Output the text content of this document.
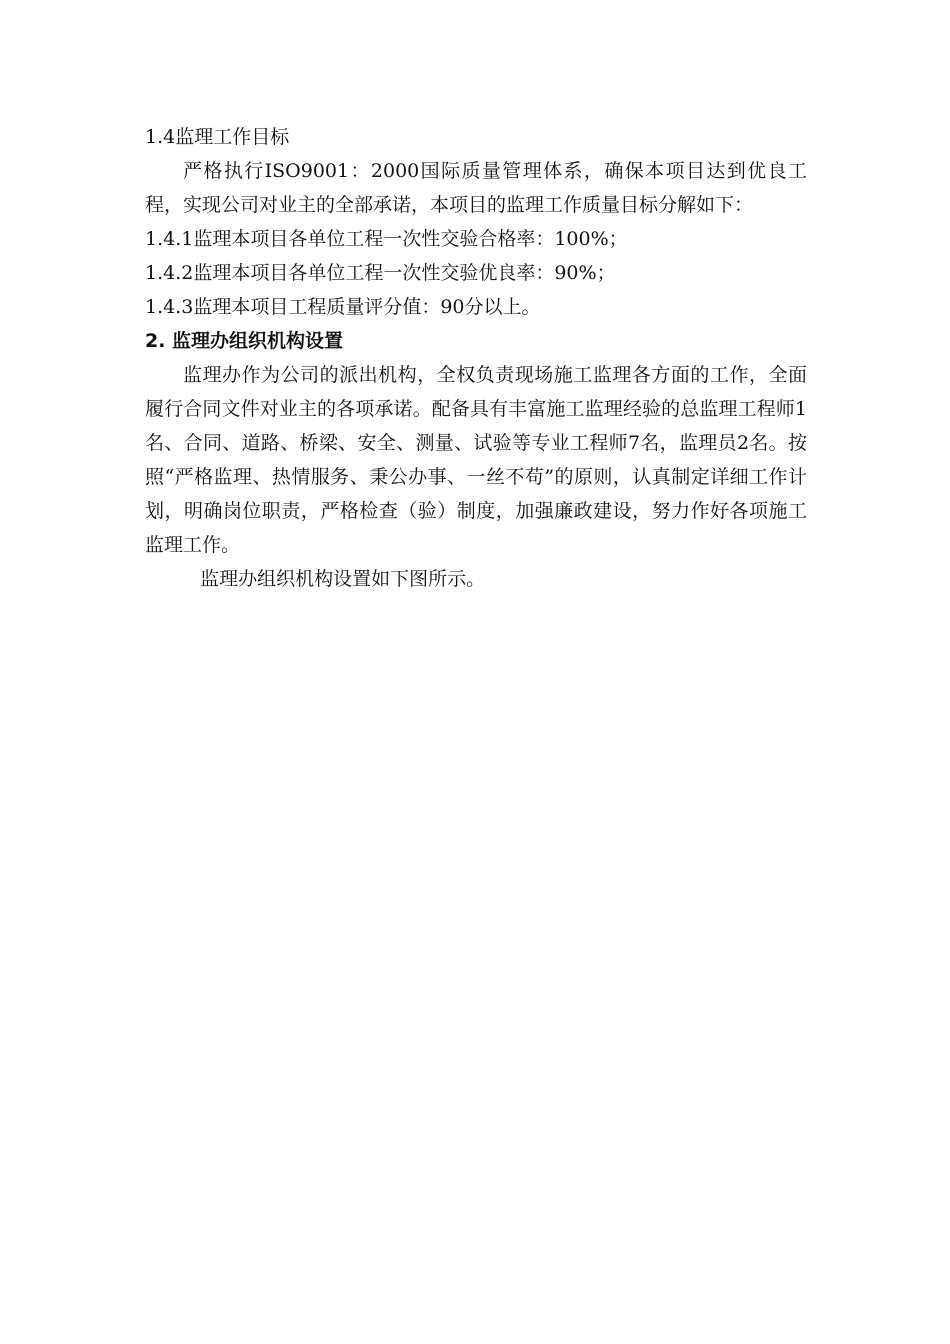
1.4监理工作目标
严格执行ISO9001：2000国际质量管理体系，确保本项目达到优良工程，实现公司对业主的全部承诺，本项目的监理工作质量目标分解如下：
1.4.1监理本项目各单位工程一次性交验合格率：100%；
1.4.2监理本项目各单位工程一次性交验优良率：90%；
1.4.3监理本项目工程质量评分值：90分以上。
2. 监理办组织机构设置
监理办作为公司的派出机构，全权负责现场施工监理各方面的工作，全面履行合同文件对业主的各项承诺。配备具有丰富施工监理经验的总监理工程师1名、合同、道路、桥梁、安全、测量、试验等专业工程师7名，监理员2名。按照“严格监理、热情服务、秉公办事、一丝不苟”的原则，认真制定详细工作计划，明确岗位职责，严格检查（验）制度，加强廉政建设，努力作好各项施工监理工作。
监理办组织机构设置如下图所示。
